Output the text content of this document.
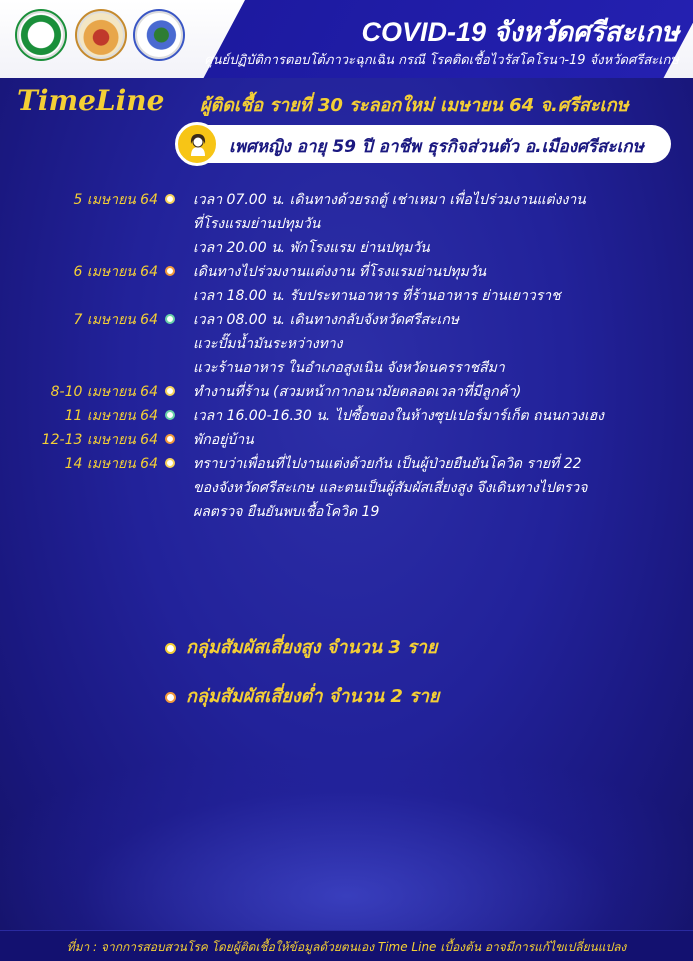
COVID-19 จังหวัดศรีสะเกษ
ศูนย์ปฏิบัติการตอบโต้ภาวะฉุกเฉิน กรณี โรคติดเชื้อไวรัสโคโรนา-19 จังหวัดศรีสะเกษ
TimeLine ผู้ติดเชื้อ รายที่ 30 ระลอกใหม่ เมษายน 64 จ.ศรีสะเกษ
เพศหญิง อายุ 59 ปี อาชีพ ธุรกิจส่วนตัว อ.เมืองศรีสะเกษ
5 เมษายน 64	เวลา 07.00 น. เดินทางด้วยรถตู้ เช่าเหมา เพื่อไปร่วมงานแต่งงาน
ที่โรงแรมย่านปทุมวัน
เวลา 20.00 น. พักโรงแรม ย่านปทุมวัน
6 เมษายน 64	เดินทางไปร่วมงานแต่งงาน ที่โรงแรมย่านปทุมวัน
เวลา 18.00 น. รับประทานอาหาร ที่ร้านอาหาร ย่านเยาวราช
7 เมษายน 64	เวลา 08.00 น. เดินทางกลับจังหวัดศรีสะเกษ
แวะปั๊มน้ำมันระหว่างทาง
แวะร้านอาหาร ในอำเภอสูงเนิน จังหวัดนครราชสีมา
8-10 เมษายน 64	ทำงานที่ร้าน (สวมหน้ากากอนามัยตลอดเวลาที่มีลูกค้า)
11 เมษายน 64	เวลา 16.00-16.30 น. ไปซื้อของในห้างซุปเปอร์มาร์เก็ต ถนนกวงเฮง
12-13 เมษายน 64	พักอยู่บ้าน
14 เมษายน 64	ทราบว่าเพื่อนที่ไปงานแต่งด้วยกัน เป็นผู้ป่วยยืนยันโควิด รายที่ 22
ของจังหวัดศรีสะเกษ และตนเป็นผู้สัมผัสเสี่ยงสูง จึงเดินทางไปตรวจ
ผลตรวจ ยืนยันพบเชื้อโควิด 19
กลุ่มสัมผัสเสี่ยงสูง จำนวน 3 ราย
กลุ่มสัมผัสเสี่ยงต่ำ จำนวน 2 ราย
ที่มา : จากการสอบสวนโรค โดยผู้ติดเชื้อให้ข้อมูลด้วยตนเอง Time Line เบื้องต้น อาจมีการแก้ไขเปลี่ยนแปลง
